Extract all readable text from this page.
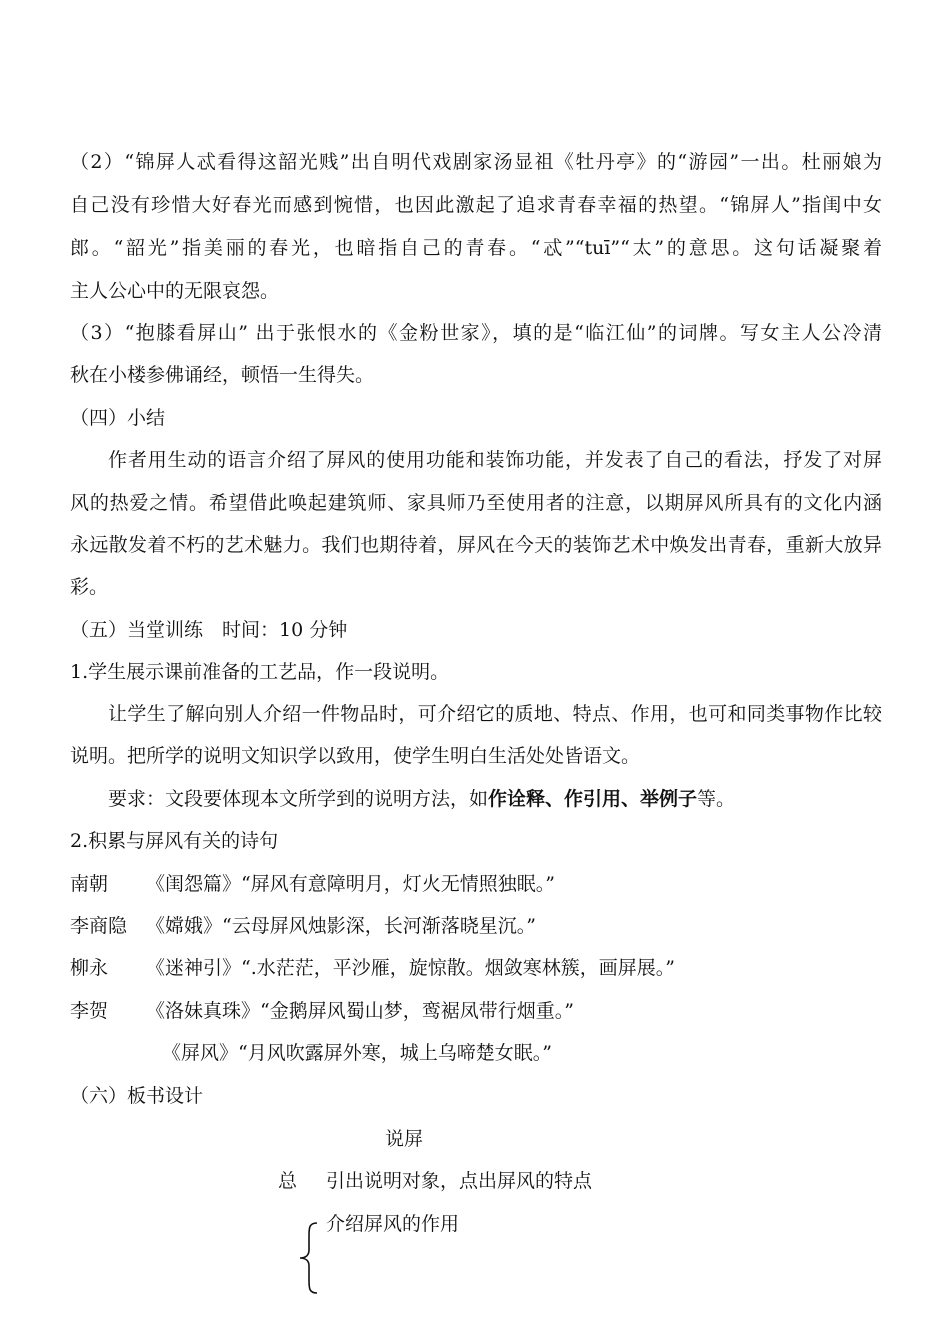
（2）“锦屏人忒看得这韶光贱”出自明代戏剧家汤显祖《牡丹亭》的“游园”一出。杜丽娘为
自己没有珍惜大好春光而感到惋惜，也因此激起了追求青春幸福的热望。“锦屏人”指闺中女
郎。“韶光”指美丽的春光，也暗指自己的青春。“忒”“tuī”“太”的意思。这句话凝聚着
主人公心中的无限哀怨。
（3）“抱膝看屏山” 出于张恨水的《金粉世家》，填的是“临江仙”的词牌。写女主人公冷清
秋在小楼参佛诵经，顿悟一生得失。
（四）小结
作者用生动的语言介绍了屏风的使用功能和装饰功能，并发表了自己的看法，抒发了对屏
风的热爱之情。希望借此唤起建筑师、家具师乃至使用者的注意，以期屏风所具有的文化内涵
永远散发着不朽的艺术魅力。我们也期待着，屏风在今天的装饰艺术中焕发出青春，重新大放异
彩。
（五）当堂训练　时间：10 分钟
1.学生展示课前准备的工艺品，作一段说明。
让学生了解向别人介绍一件物品时，可介绍它的质地、特点、作用，也可和同类事物作比较
说明。把所学的说明文知识学以致用，使学生明白生活处处皆语文。
要求：文段要体现本文所学到的说明方法，如作诠释、作引用、举例子等。
2.积累与屏风有关的诗句
南朝 《闺怨篇》“屏风有意障明月，灯火无情照独眠。”
李商隐 《嫦娥》“云母屏风烛影深，长河渐落晓星沉。”
柳永 《迷神引》“.水茫茫，平沙雁，旋惊散。烟敛寒林簇，画屏展。”
李贺 《洛妹真珠》“金鹅屏风蜀山梦，鸾裾凤带行烟重。”
《屏风》“月风吹露屏外寒，城上乌啼楚女眠。”
（六）板书设计
说屏
总 引出说明对象，点出屏风的特点
介绍屏风的作用
